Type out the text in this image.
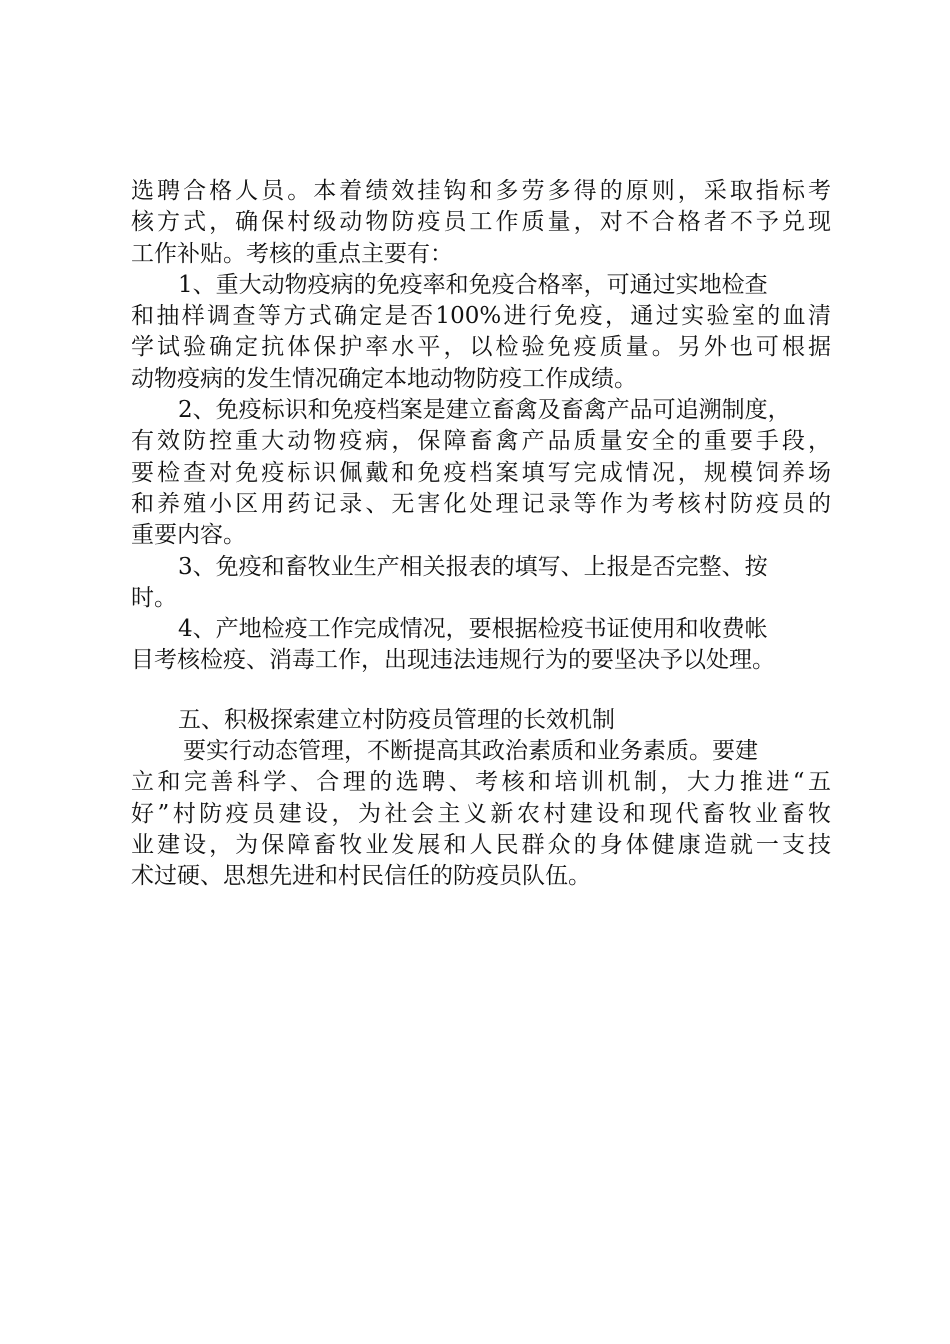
选聘合格人员。本着绩效挂钩和多劳多得的原则，采取指标考
核方式，确保村级动物防疫员工作质量，对不合格者不予兑现
工作补贴。考核的重点主要有：
1、重大动物疫病的免疫率和免疫合格率，可通过实地检查
和抽样调查等方式确定是否100%进行免疫，通过实验室的血清
学试验确定抗体保护率水平，以检验免疫质量。另外也可根据
动物疫病的发生情况确定本地动物防疫工作成绩。
2、免疫标识和免疫档案是建立畜禽及畜禽产品可追溯制度，
有效防控重大动物疫病，保障畜禽产品质量安全的重要手段，
要检查对免疫标识佩戴和免疫档案填写完成情况，规模饲养场
和养殖小区用药记录、无害化处理记录等作为考核村防疫员的
重要内容。
3、免疫和畜牧业生产相关报表的填写、上报是否完整、按
时。
4、产地检疫工作完成情况，要根据检疫书证使用和收费帐
目考核检疫、消毒工作，出现违法违规行为的要坚决予以处理。
五、积极探索建立村防疫员管理的长效机制
要实行动态管理，不断提高其政治素质和业务素质。要建
立和完善科学、合理的选聘、考核和培训机制，大力推进“五
好”村防疫员建设，为社会主义新农村建设和现代畜牧业畜牧
业建设，为保障畜牧业发展和人民群众的身体健康造就一支技
术过硬、思想先进和村民信任的防疫员队伍。
